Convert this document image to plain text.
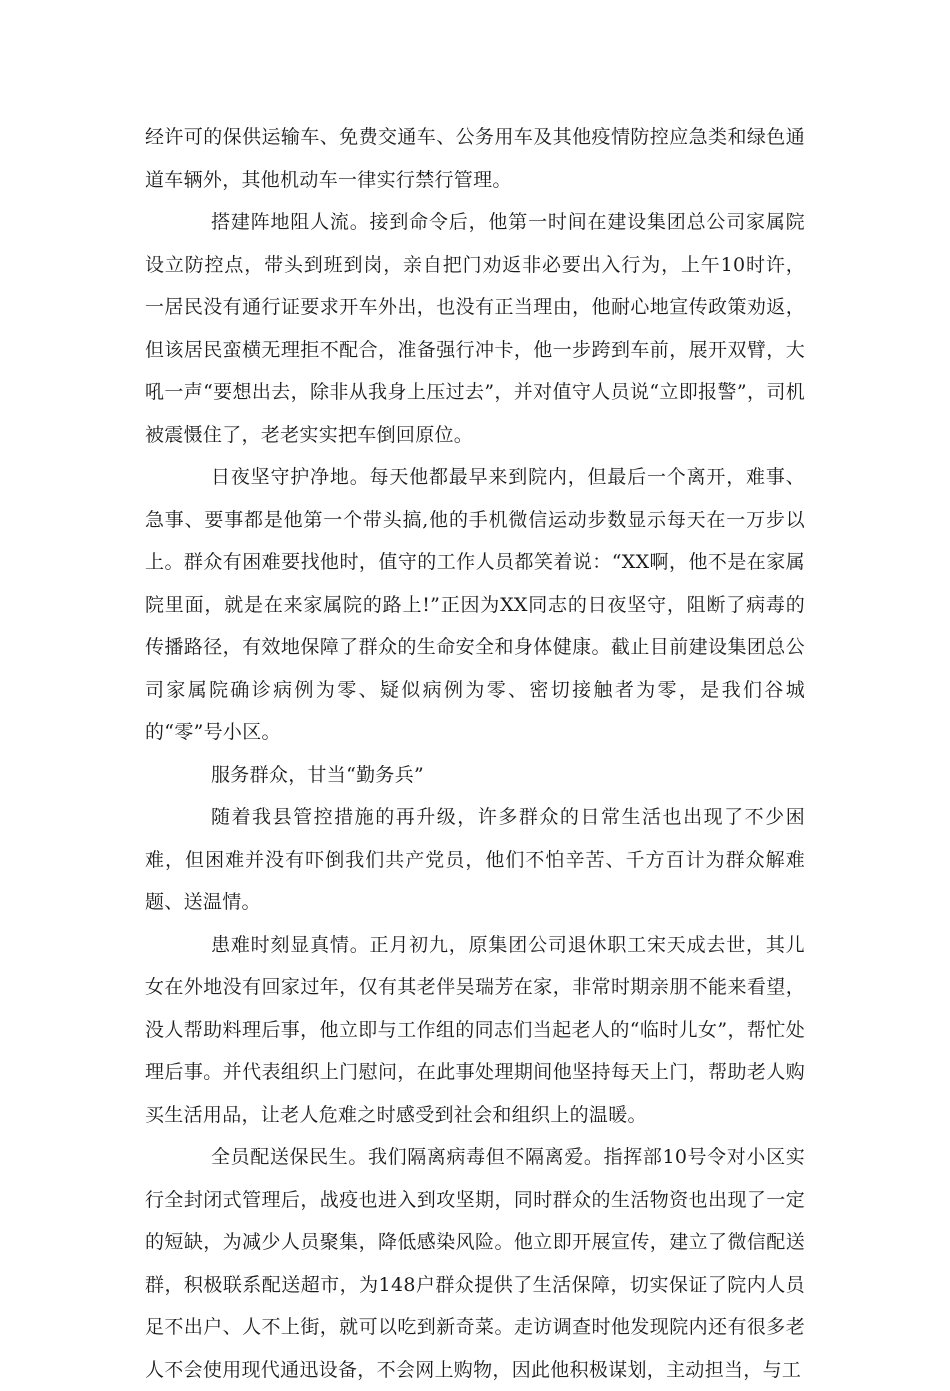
经许可的保供运输车、免费交通车、公务用车及其他疫情防控应急类和绿色通道车辆外，其他机动车一律实行禁行管理。

搭建阵地阻人流。接到命令后，他第一时间在建设集团总公司家属院设立防控点，带头到班到岗，亲自把门劝返非必要出入行为，上午10时许，一居民没有通行证要求开车外出，也没有正当理由，他耐心地宣传政策劝返，但该居民蛮横无理拒不配合，准备强行冲卡，他一步跨到车前，展开双臂，大吼一声“要想出去，除非从我身上压过去”，并对值守人员说“立即报警”，司机被震慑住了，老老实实把车倒回原位。

日夜坚守护净地。每天他都最早来到院内，但最后一个离开，难事、急事、要事都是他第一个带头搞,他的手机微信运动步数显示每天在一万步以上。群众有困难要找他时，值守的工作人员都笑着说：“XX啊，他不是在家属院里面，就是在来家属院的路上!”正因为XX同志的日夜坚守，阻断了病毒的传播路径，有效地保障了群众的生命安全和身体健康。截止目前建设集团总公司家属院确诊病例为零、疑似病例为零、密切接触者为零，是我们谷城的“零”号小区。

服务群众，甘当“勤务兵”

随着我县管控措施的再升级，许多群众的日常生活也出现了不少困难，但困难并没有吓倒我们共产党员，他们不怕辛苦、千方百计为群众解难题、送温情。

患难时刻显真情。正月初九，原集团公司退休职工宋天成去世，其儿女在外地没有回家过年，仅有其老伴吴瑞芳在家，非常时期亲朋不能来看望，没人帮助料理后事，他立即与工作组的同志们当起老人的“临时儿女”，帮忙处理后事。并代表组织上门慰问，在此事处理期间他坚持每天上门，帮助老人购买生活用品，让老人危难之时感受到社会和组织上的温暖。

全员配送保民生。我们隔离病毒但不隔离爱。指挥部10号令对小区实行全封闭式管理后，战疫也进入到攻坚期，同时群众的生活物资也出现了一定的短缺，为减少人员聚集，降低感染风险。他立即开展宣传，建立了微信配送群，积极联系配送超市，为148户群众提供了生活保障，切实保证了院内人员足不出户、人不上街，就可以吃到新奇菜。走访调查时他发现院内还有很多老人不会使用现代通迅设备，不会网上购物，因此他积极谋划，主动担当，与工
